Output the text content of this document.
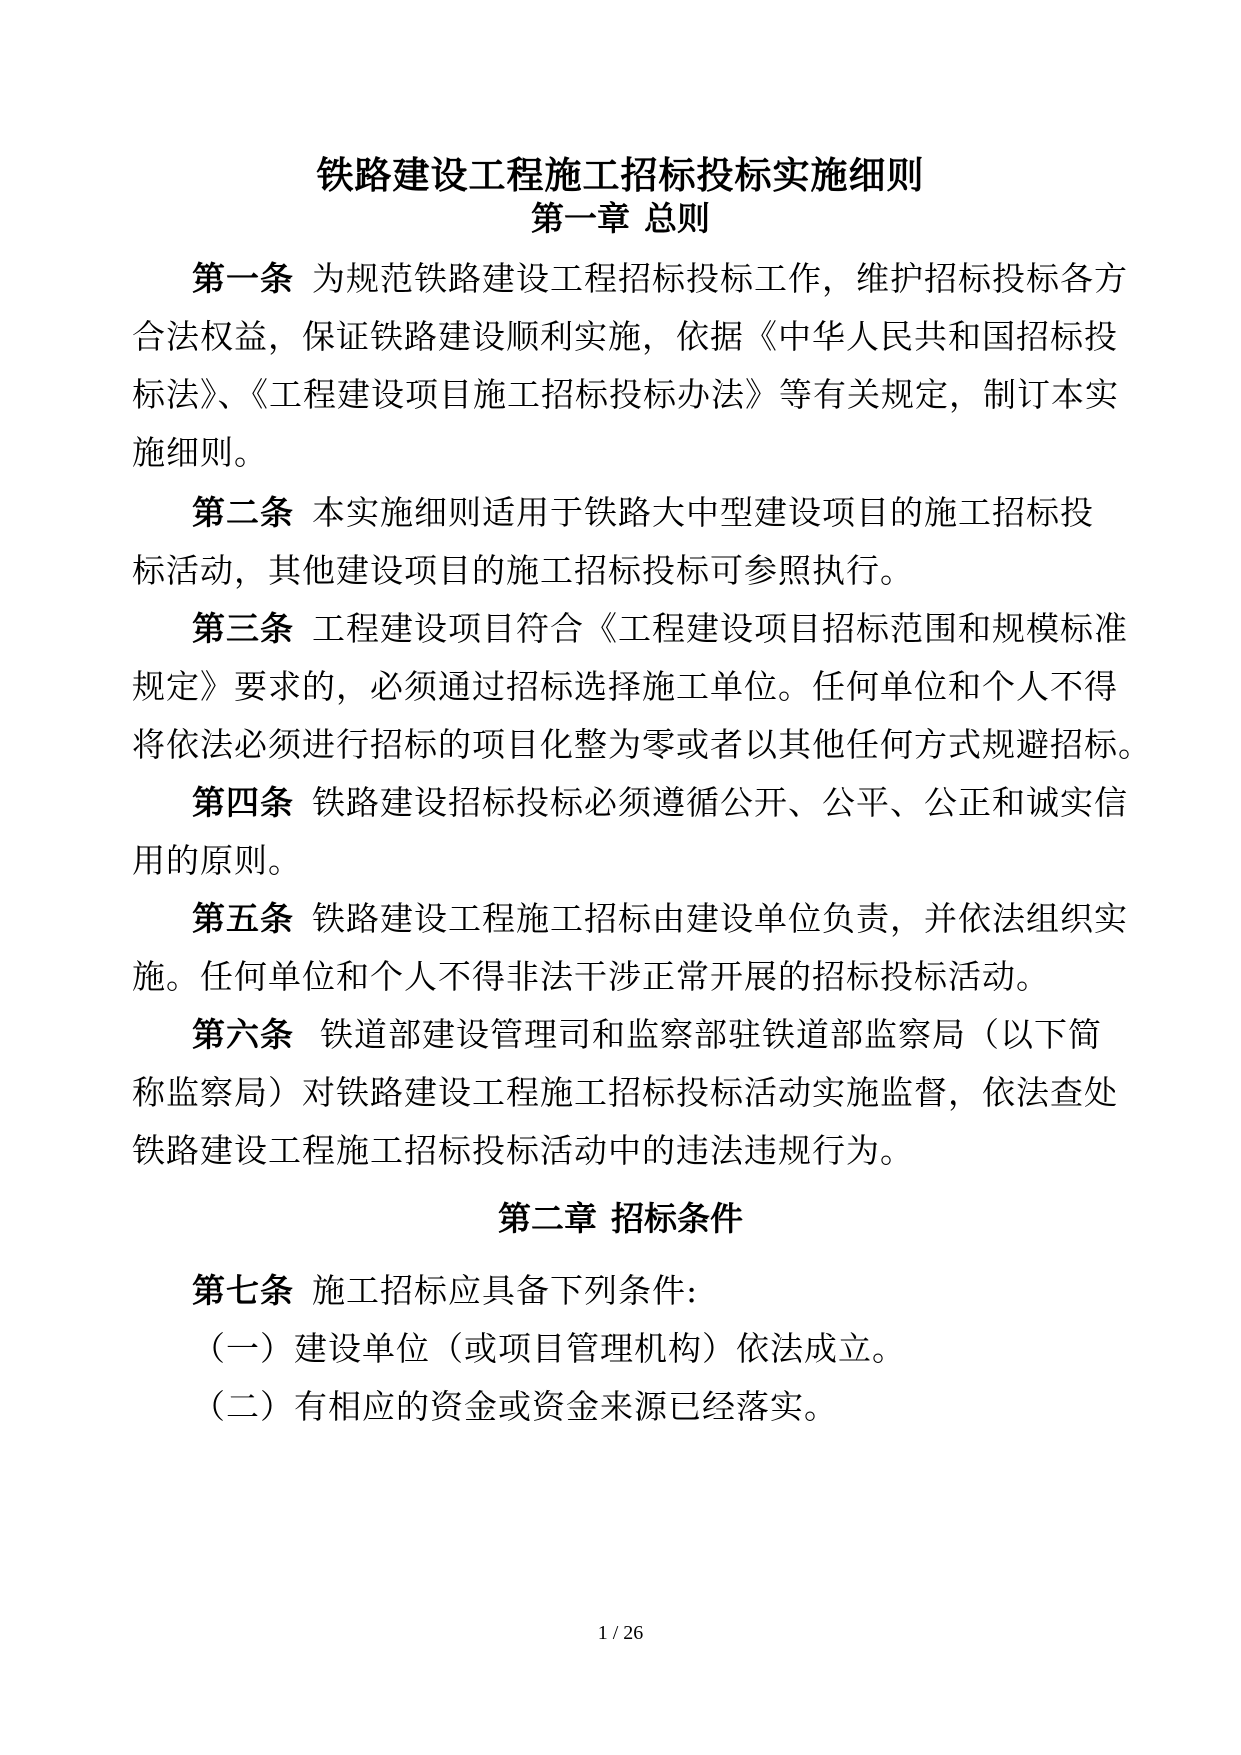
铁路建设工程施工招标投标实施细则
第一章 总则
第一条 为规范铁路建设工程招标投标工作，维护招标投标各方
合法权益，保证铁路建设顺利实施，依据《中华人民共和国招标投
标法》、《工程建设项目施工招标投标办法》等有关规定，制订本实
施细则。
第二条 本实施细则适用于铁路大中型建设项目的施工招标投
标活动，其他建设项目的施工招标投标可参照执行。
第三条 工程建设项目符合《工程建设项目招标范围和规模标准
规定》要求的，必须通过招标选择施工单位。任何单位和个人不得
将依法必须进行招标的项目化整为零或者以其他任何方式规避招标。
第四条 铁路建设招标投标必须遵循公开、公平、公正和诚实信
用的原则。
第五条 铁路建设工程施工招标由建设单位负责，并依法组织实
施。任何单位和个人不得非法干涉正常开展的招标投标活动。
第六条 铁道部建设管理司和监察部驻铁道部监察局（以下简
称监察局）对铁路建设工程施工招标投标活动实施监督，依法查处
铁路建设工程施工招标投标活动中的违法违规行为。
第二章 招标条件
第七条 施工招标应具备下列条件:
（一）建设单位（或项目管理机构）依法成立。
（二）有相应的资金或资金来源已经落实。
1 / 26
